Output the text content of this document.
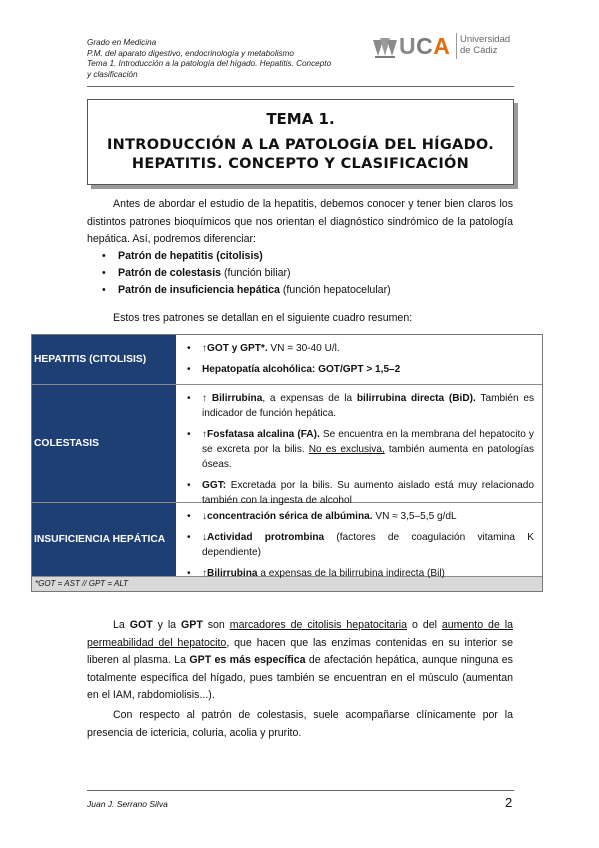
Grado en Medicina
P.M. del aparato digestivo, endocrinología y metabolismo
Tema 1. Introducción a la patología del hígado. Hepatitis. Concepto
y clasificación
UCA Universidad
de Cádiz
TEMA 1.
INTRODUCCIÓN A LA PATOLOGÍA DEL HÍGADO.
HEPATITIS. CONCEPTO Y CLASIFICACIÓN

Antes de abordar el estudio de la hepatitis, debemos conocer y tener bien claros los distintos patrones bioquímicos que nos orientan el diagnóstico sindrómico de la patología hepática. Así, podremos diferenciar:

• Patrón de hepatitis (citolisis)
• Patrón de colestasis (función biliar)
• Patrón de insuficiencia hepática (función hepatocelular)

Estos tres patrones se detallan en el siguiente cuadro resumen:

HEPATITIS (CITOLISIS)
• ↑GOT y GPT*. VN = 30-40 U/l.
• Hepatopatía alcohólica: GOT/GPT > 1,5–2
COLESTASIS
• ↑ Bilirrubina, a expensas de la bilirrubina directa (BiD). También es indicador de función hepática.
• ↑Fosfatasa alcalina (FA). Se encuentra en la membrana del hepatocito y se excreta por la bilis. No es exclusiva, también aumenta en patologías óseas.
• GGT: Excretada por la bilis. Su aumento aislado está muy relacionado también con la ingesta de alcohol
INSUFICIENCIA HEPÁTICA
• ↓concentración sérica de albúmina. VN ≈ 3,5–5,5 g/dL
• ↓Actividad protrombina (factores de coagulación vitamina K dependiente)
• ↑Bilirrubina a expensas de la bilirrubina indirecta (Bil)
*GOT = AST // GPT = ALT

La GOT y la GPT son marcadores de citolisis hepatocitaria o del aumento de la permeabilidad del hepatocito, que hacen que las enzimas contenidas en su interior se liberen al plasma. La GPT es más específica de afectación hepática, aunque ninguna es totalmente específica del hígado, pues también se encuentran en el músculo (aumentan en el IAM, rabdomiolisis...).

Con respecto al patrón de colestasis, suele acompañarse clínicamente por la presencia de ictericia, coluria, acolia y prurito.

Juan J. Serrano Silva	2
